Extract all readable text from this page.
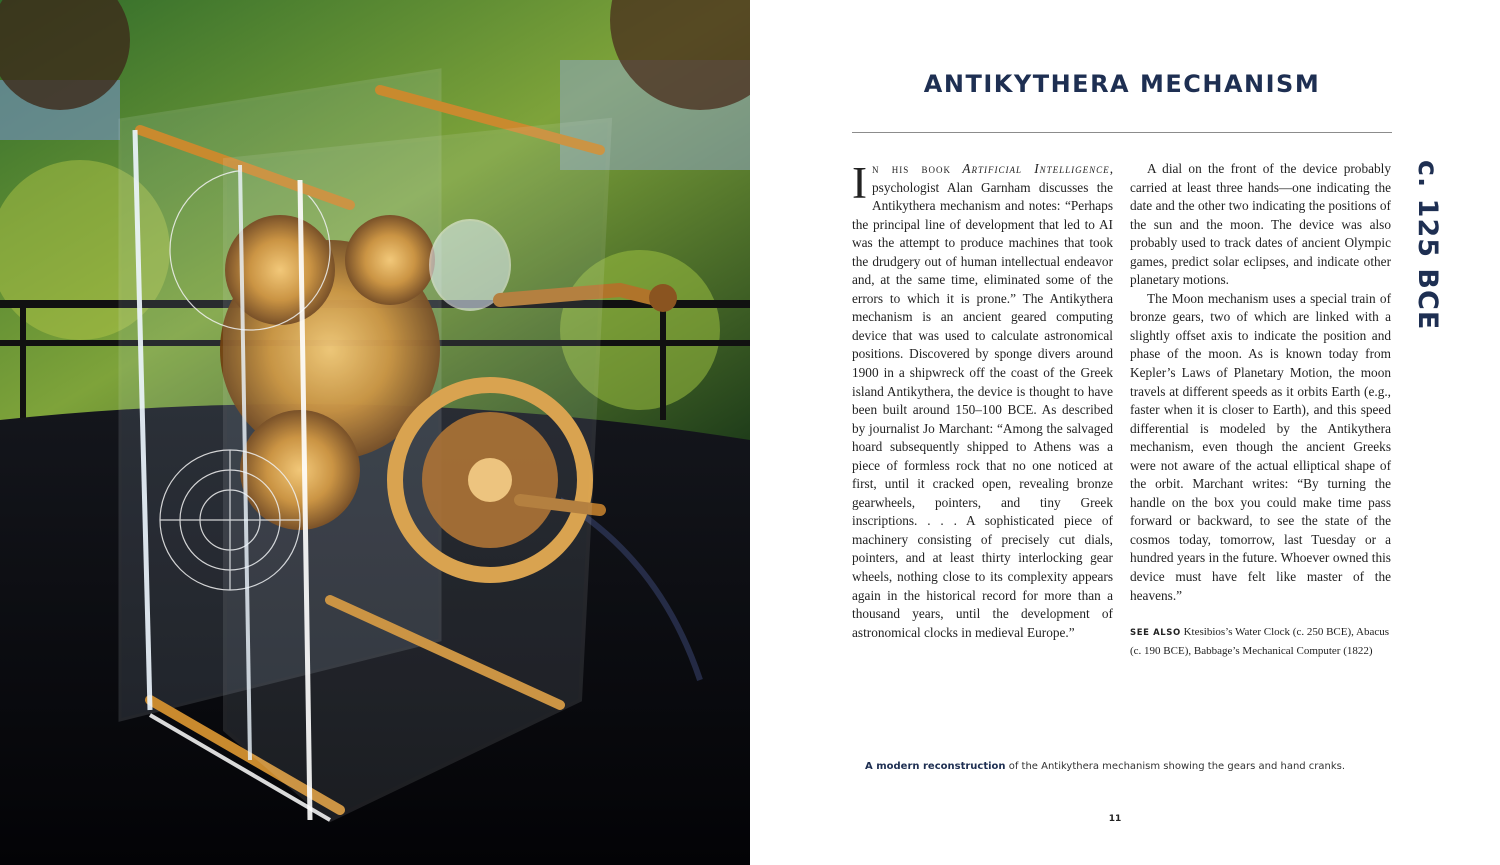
ANTIKYTHERA MECHANISM

c. 125 BCE

In his book Artificial Intelligence, psychologist Alan Garnham discusses the Antikythera mechanism and notes: “Perhaps the principal line of development that led to AI was the attempt to produce machines that took the drudgery out of human intellectual endeavor and, at the same time, eliminated some of the errors to which it is prone.” The Antikythera mechanism is an ancient geared computing device that was used to calculate astronomical positions. Discovered by sponge divers around 1900 in a shipwreck off the coast of the Greek island Antikythera, the device is thought to have been built around 150–100 BCE. As described by journalist Jo Marchant: “Among the salvaged hoard subsequently shipped to Athens was a piece of formless rock that no one noticed at first, until it cracked open, revealing bronze gearwheels, pointers, and tiny Greek inscriptions. . . . A sophisticated piece of machinery consisting of precisely cut dials, pointers, and at least thirty interlocking gear wheels, nothing close to its complexity appears again in the historical record for more than a thousand years, until the development of astronomical clocks in medieval Europe.”

A dial on the front of the device probably carried at least three hands—one indicating the date and the other two indicating the positions of the sun and the moon. The device was also probably used to track dates of ancient Olympic games, predict solar eclipses, and indicate other planetary motions.

The Moon mechanism uses a special train of bronze gears, two of which are linked with a slightly offset axis to indicate the position and phase of the moon. As is known today from Kepler’s Laws of Planetary Motion, the moon travels at different speeds as it orbits Earth (e.g., faster when it is closer to Earth), and this speed differential is modeled by the Antikythera mechanism, even though the ancient Greeks were not aware of the actual elliptical shape of the orbit. Marchant writes: “By turning the handle on the box you could make time pass forward or backward, to see the state of the cosmos today, tomorrow, last Tuesday or a hundred years in the future. Whoever owned this device must have felt like master of the heavens.”

SEE ALSO Ktesibios’s Water Clock (c. 250 BCE), Abacus (c. 190 BCE), Babbage’s Mechanical Computer (1822)

A modern reconstruction of the Antikythera mechanism showing the gears and hand cranks.

11
